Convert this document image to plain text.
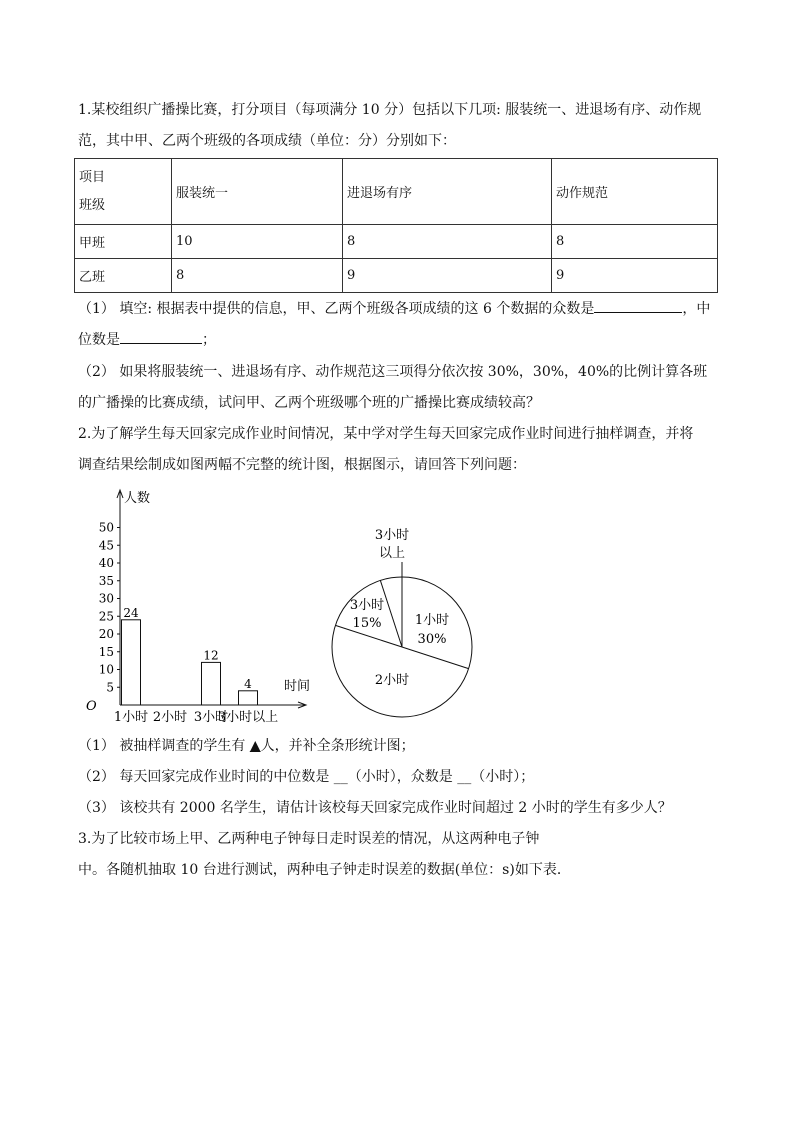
1.某校组织广播操比赛，打分项目（每项满分 10 分）包括以下几项: 服装统一、进退场有序、动作规
范，其中甲、乙两个班级的各项成绩（单位：分）分别如下：
项目
班级	服装统一	进退场有序	动作规范
甲班	10	8	8
乙班	8	9	9
（1） 填空: 根据表中提供的信息，甲、乙两个班级各项成绩的这 6 个数据的众数是	，中
位数是	；
（2） 如果将服装统一、进退场有序、动作规范这三项得分依次按 30%，30%，40%的比例计算各班
的广播操的比赛成绩，试问甲、乙两个班级哪个班的广播操比赛成绩较高？
2.为了解学生每天回家完成作业时间情况，某中学对学生每天回家完成作业时间进行抽样调查，并将
调查结果绘制成如图两幅不完整的统计图，根据图示，请回答下列问题：
5
10
15
20
25
30
35
40
45
50
人数
时间
O
1小时
24
2小时 3小时
12
3小时以上
4
1小时
30%
2小时
3小时
15%
3小时
以上
（1） 被抽样调查的学生有 ▲人，并补全条形统计图；
（2） 每天回家完成作业时间的中位数是 __（小时），众数是 __（小时）；
（3） 该校共有 2000 名学生，请估计该校每天回家完成作业时间超过 2 小时的学生有多少人？
3.为了比较市场上甲、乙两种电子钟每日走时误差的情况，从这两种电子钟
中。各随机抽取 10 台进行测试，两种电子钟走时误差的数据(单位：s)如下表．
